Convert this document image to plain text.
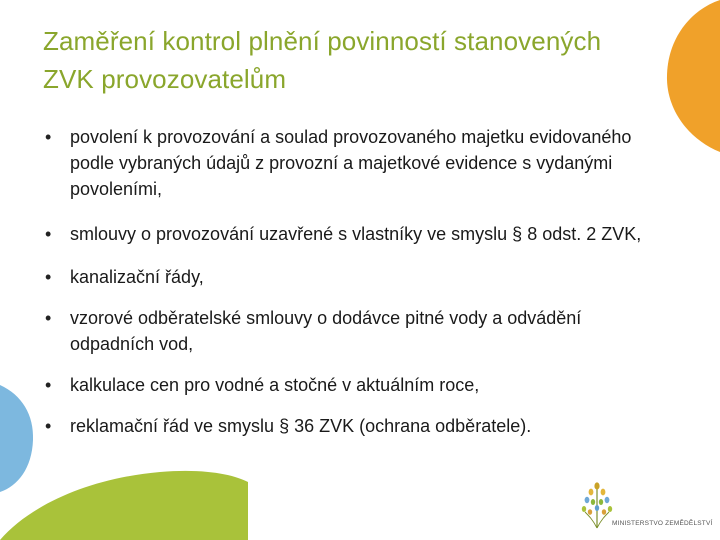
Zaměření kontrol plnění povinností stanovených ZVK provozovatelům
• povolení k provozování a soulad provozovaného majetku evidovaného podle vybraných údajů z provozní a majetkové evidence s vydanými povoleními,
• smlouvy o provozování uzavřené s vlastníky ve smyslu § 8 odst. 2 ZVK,
• kanalizační řády,
• vzorové odběratelské smlouvy o dodávce pitné vody a odvádění odpadních vod,
• kalkulace cen pro vodné a stočné v aktuálním roce,
• reklamační řád ve smyslu § 36 ZVK (ochrana odběratele).
MINISTERSTVO ZEMĚDĚLSTVÍ
